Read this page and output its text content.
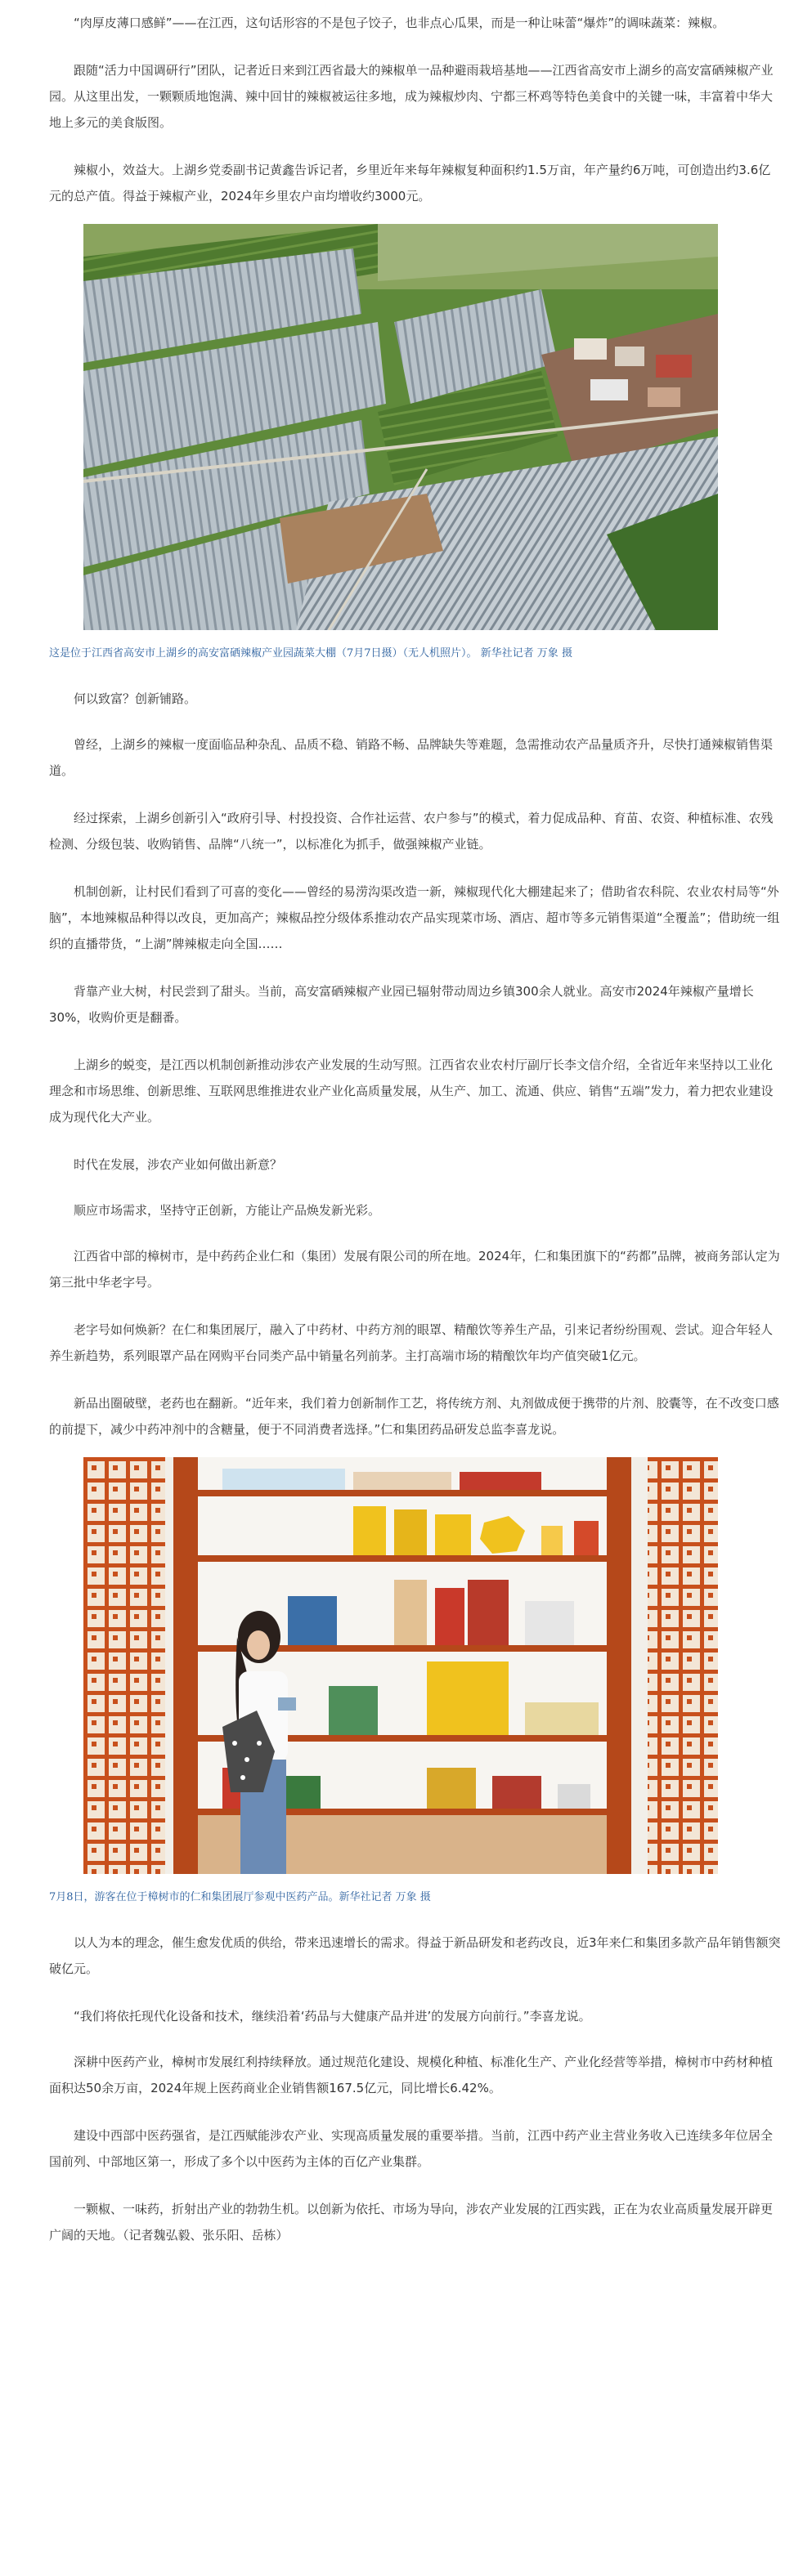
“肉厚皮薄口感鲜”——在江西，这句话形容的不是包子饺子，也非点心瓜果，而是一种让味蕾“爆炸”的调味蔬菜：辣椒。

跟随“活力中国调研行”团队，记者近日来到江西省最大的辣椒单一品种避雨栽培基地——江西省高安市上湖乡的高安富硒辣椒产业园。从这里出发，一颗颗质地饱满、辣中回甘的辣椒被运往多地，成为辣椒炒肉、宁都三杯鸡等特色美食中的关键一味，丰富着中华大地上多元的美食版图。

辣椒小，效益大。上湖乡党委副书记黄鑫告诉记者，乡里近年来每年辣椒复种面积约1.5万亩，年产量约6万吨，可创造出约3.6亿元的总产值。得益于辣椒产业，2024年乡里农户亩均增收约3000元。

这是位于江西省高安市上湖乡的高安富硒辣椒产业园蔬菜大棚（7月7日摄）（无人机照片）。 新华社记者 万象 摄

何以致富？创新铺路。

曾经，上湖乡的辣椒一度面临品种杂乱、品质不稳、销路不畅、品牌缺失等难题，急需推动农产品量质齐升，尽快打通辣椒销售渠道。

经过探索，上湖乡创新引入“政府引导、村投投资、合作社运营、农户参与”的模式，着力促成品种、育苗、农资、种植标准、农残检测、分级包装、收购销售、品牌“八统一”，以标准化为抓手，做强辣椒产业链。

机制创新，让村民们看到了可喜的变化——曾经的易涝沟渠改造一新，辣椒现代化大棚建起来了；借助省农科院、农业农村局等“外脑”，本地辣椒品种得以改良，更加高产；辣椒品控分级体系推动农产品实现菜市场、酒店、超市等多元销售渠道“全覆盖”；借助统一组织的直播带货，“上湖”牌辣椒走向全国……

背靠产业大树，村民尝到了甜头。当前，高安富硒辣椒产业园已辐射带动周边乡镇300余人就业。高安市2024年辣椒产量增长30%，收购价更是翻番。

上湖乡的蜕变，是江西以机制创新推动涉农产业发展的生动写照。江西省农业农村厅副厅长李文信介绍，全省近年来坚持以工业化理念和市场思维、创新思维、互联网思维推进农业产业化高质量发展，从生产、加工、流通、供应、销售“五端”发力，着力把农业建设成为现代化大产业。

时代在发展，涉农产业如何做出新意？

顺应市场需求，坚持守正创新，方能让产品焕发新光彩。

江西省中部的樟树市，是中药药企业仁和（集团）发展有限公司的所在地。2024年，仁和集团旗下的“药都”品牌，被商务部认定为第三批中华老字号。

老字号如何焕新？在仁和集团展厅，融入了中药材、中药方剂的眼罩、精酿饮等养生产品，引来记者纷纷围观、尝试。迎合年轻人养生新趋势，系列眼罩产品在网购平台同类产品中销量名列前茅。主打高端市场的精酿饮年均产值突破1亿元。

新品出圈破壁，老药也在翻新。“近年来，我们着力创新制作工艺，将传统方剂、丸剂做成便于携带的片剂、胶囊等，在不改变口感的前提下，减少中药冲剂中的含糖量，便于不同消费者选择。”仁和集团药品研发总监李喜龙说。

7月8日，游客在位于樟树市的仁和集团展厅参观中医药产品。新华社记者 万象 摄

以人为本的理念，催生愈发优质的供给，带来迅速增长的需求。得益于新品研发和老药改良，近3年来仁和集团多款产品年销售额突破亿元。

“我们将依托现代化设备和技术，继续沿着‘药品与大健康产品并进’的发展方向前行。”李喜龙说。

深耕中医药产业，樟树市发展红利持续释放。通过规范化建设、规模化种植、标准化生产、产业化经营等举措，樟树市中药材种植面积达50余万亩，2024年规上医药商业企业销售额167.5亿元，同比增长6.42%。

建设中西部中医药强省，是江西赋能涉农产业、实现高质量发展的重要举措。当前，江西中药产业主营业务收入已连续多年位居全国前列、中部地区第一，形成了多个以中医药为主体的百亿产业集群。

一颗椒、一味药，折射出产业的勃勃生机。以创新为依托、市场为导向，涉农产业发展的江西实践，正在为农业高质量发展开辟更广阔的天地。（记者魏弘毅、张乐阳、岳栋）
